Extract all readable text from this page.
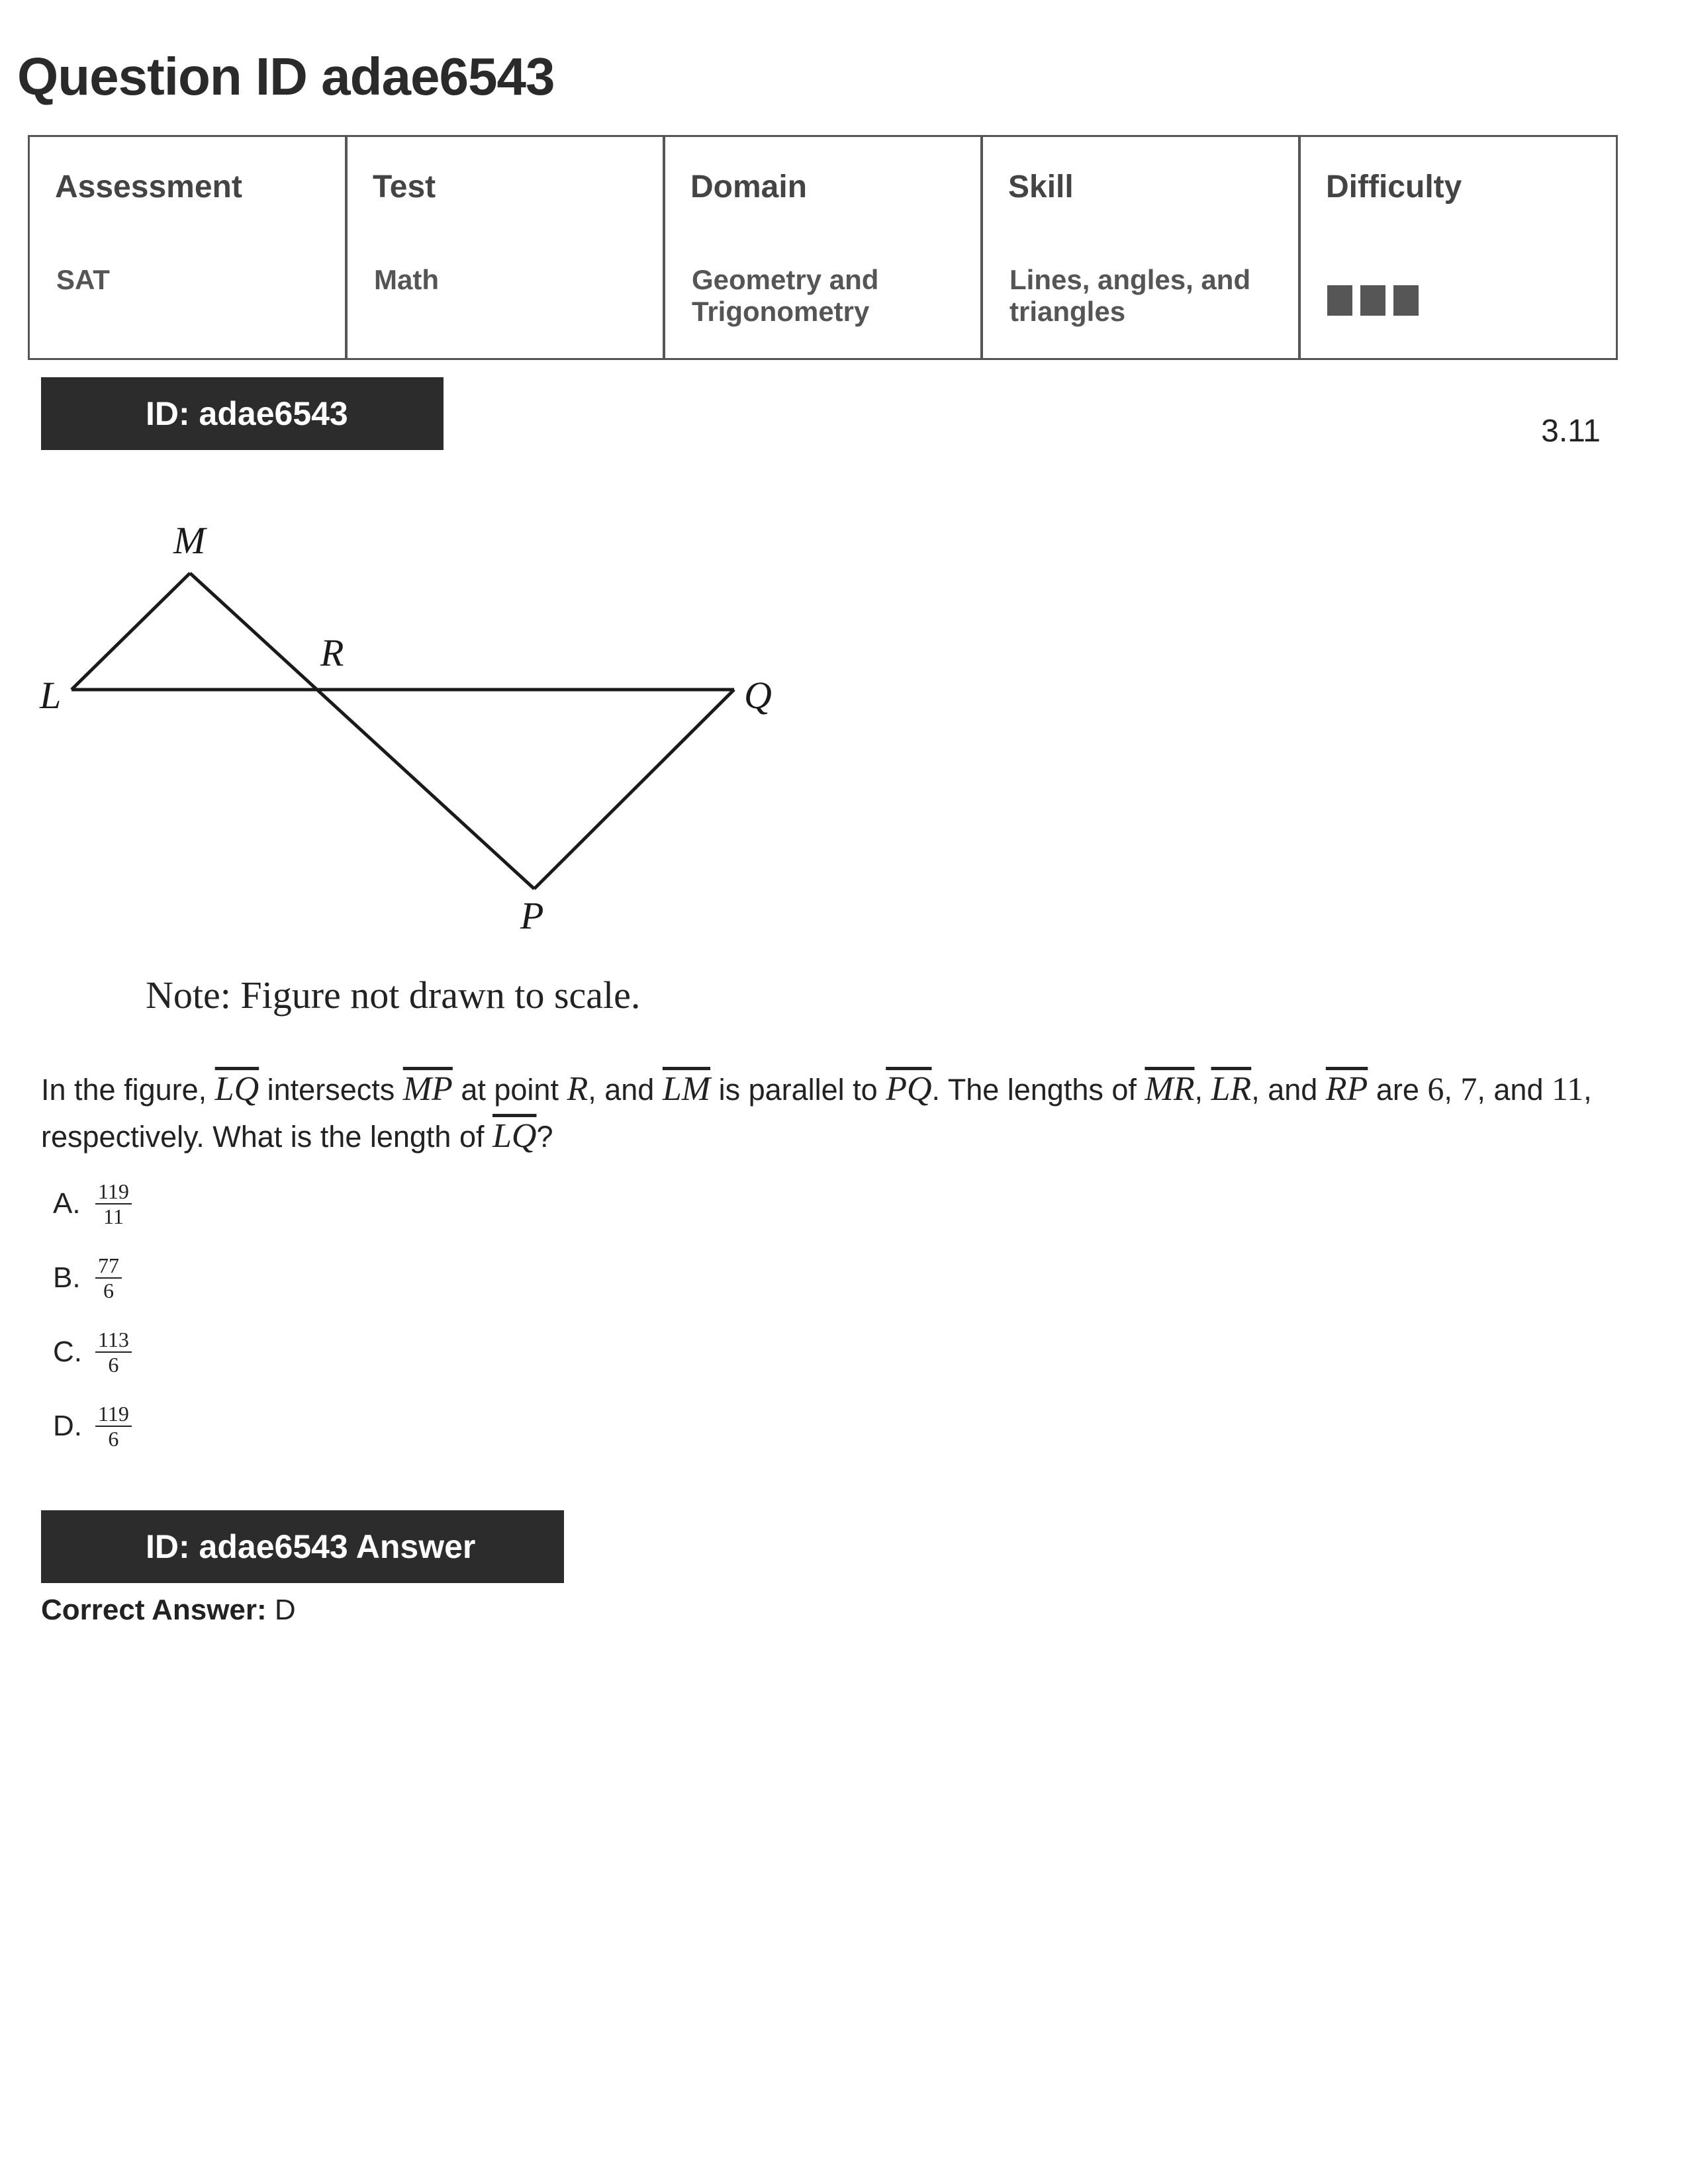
Question ID adae6543
Assessment
SAT
Test
Math
Domain
Geometry and Trigonometry
Skill
Lines, angles, and triangles
Difficulty
ID: adae6543	3.11
M
R
L	Q
P
Note: Figure not drawn to scale.
In the figure, $\overline{LQ}$ intersects $\overline{MP}$ at point R, and $\overline{LM}$ is parallel to $\overline{PQ}$. The lengths of $\overline{MR}$, $\overline{LR}$, and $\overline{RP}$ are 6, 7, and 11, respectively. What is the length of $\overline{LQ}$?
A. $\frac{119}{11}$
B. $\frac{77}{6}$
C. $\frac{113}{6}$
D. $\frac{119}{6}$
ID: adae6543 Answer
Correct Answer: D
